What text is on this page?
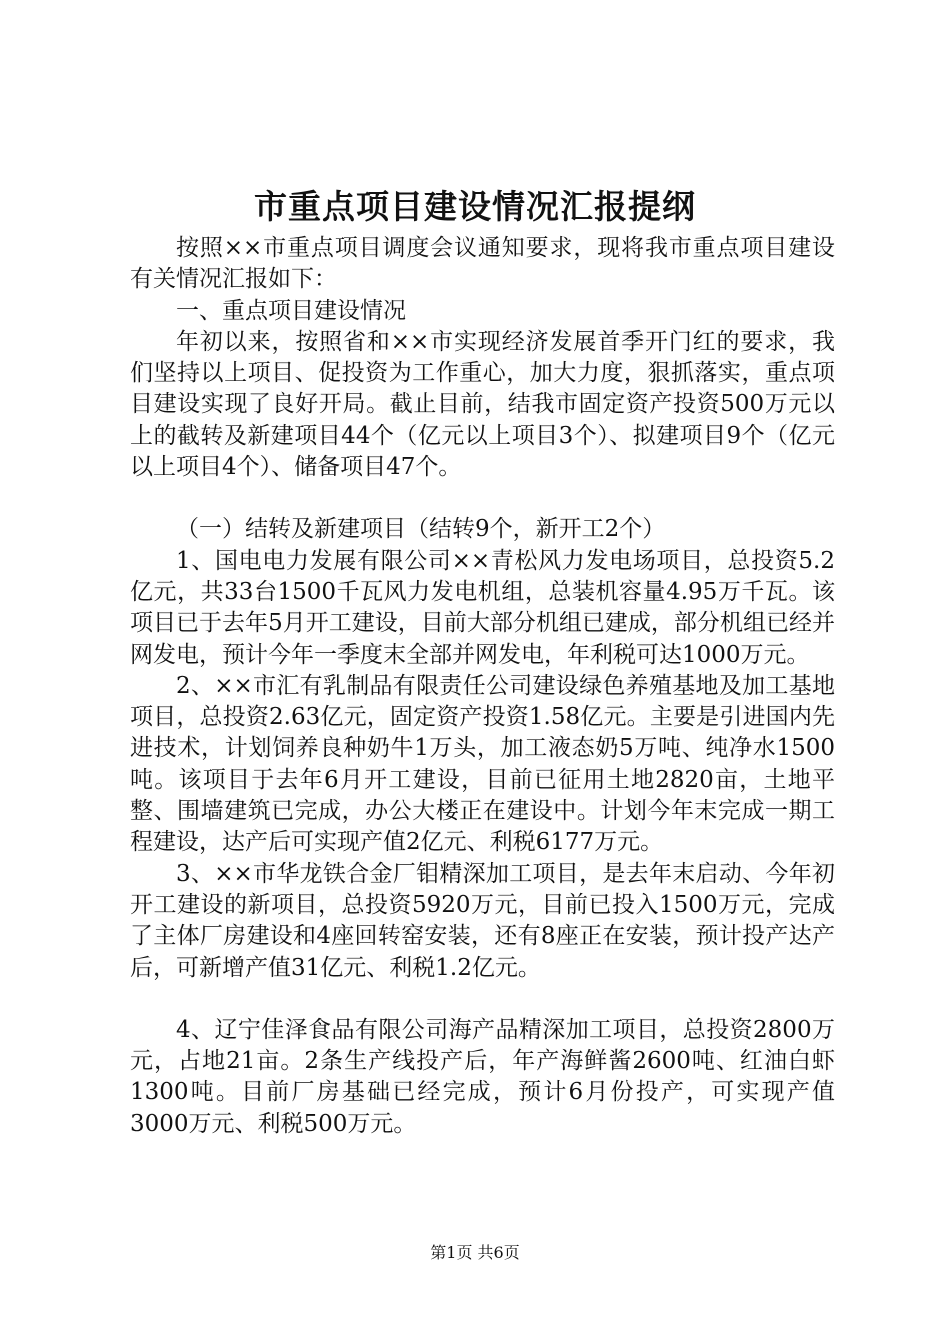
市重点项目建设情况汇报提纲

按照××市重点项目调度会议通知要求，现将我市重点项目建设有关情况汇报如下：

一、重点项目建设情况

年初以来，按照省和××市实现经济发展首季开门红的要求，我们坚持以上项目、促投资为工作重心，加大力度，狠抓落实，重点项目建设实现了良好开局。截止目前，结我市固定资产投资500万元以上的截转及新建项目44个（亿元以上项目3个）、拟建项目9个（亿元以上项目4个）、储备项目47个。

（一）结转及新建项目（结转9个，新开工2个）

1、国电电力发展有限公司××青松风力发电场项目，总投资5.2亿元，共33台1500千瓦风力发电机组，总装机容量4.95万千瓦。该项目已于去年5月开工建设，目前大部分机组已建成，部分机组已经并网发电，预计今年一季度末全部并网发电，年利税可达1000万元。

2、××市汇有乳制品有限责任公司建设绿色养殖基地及加工基地项目，总投资2.63亿元，固定资产投资1.58亿元。主要是引进国内先进技术，计划饲养良种奶牛1万头，加工液态奶5万吨、纯净水1500吨。该项目于去年6月开工建设，目前已征用土地2820亩，土地平整、围墙建筑已完成，办公大楼正在建设中。计划今年末完成一期工程建设，达产后可实现产值2亿元、利税6177万元。

3、××市华龙铁合金厂钼精深加工项目，是去年末启动、今年初开工建设的新项目，总投资5920万元，目前已投入1500万元，完成了主体厂房建设和4座回转窑安装，还有8座正在安装，预计投产达产后，可新增产值31亿元、利税1.2亿元。

4、辽宁佳泽食品有限公司海产品精深加工项目，总投资2800万元，占地21亩。2条生产线投产后，年产海鲜酱2600吨、红油白虾1300吨。目前厂房基础已经完成，预计6月份投产，可实现产值3000万元、利税500万元。

第1页 共6页
